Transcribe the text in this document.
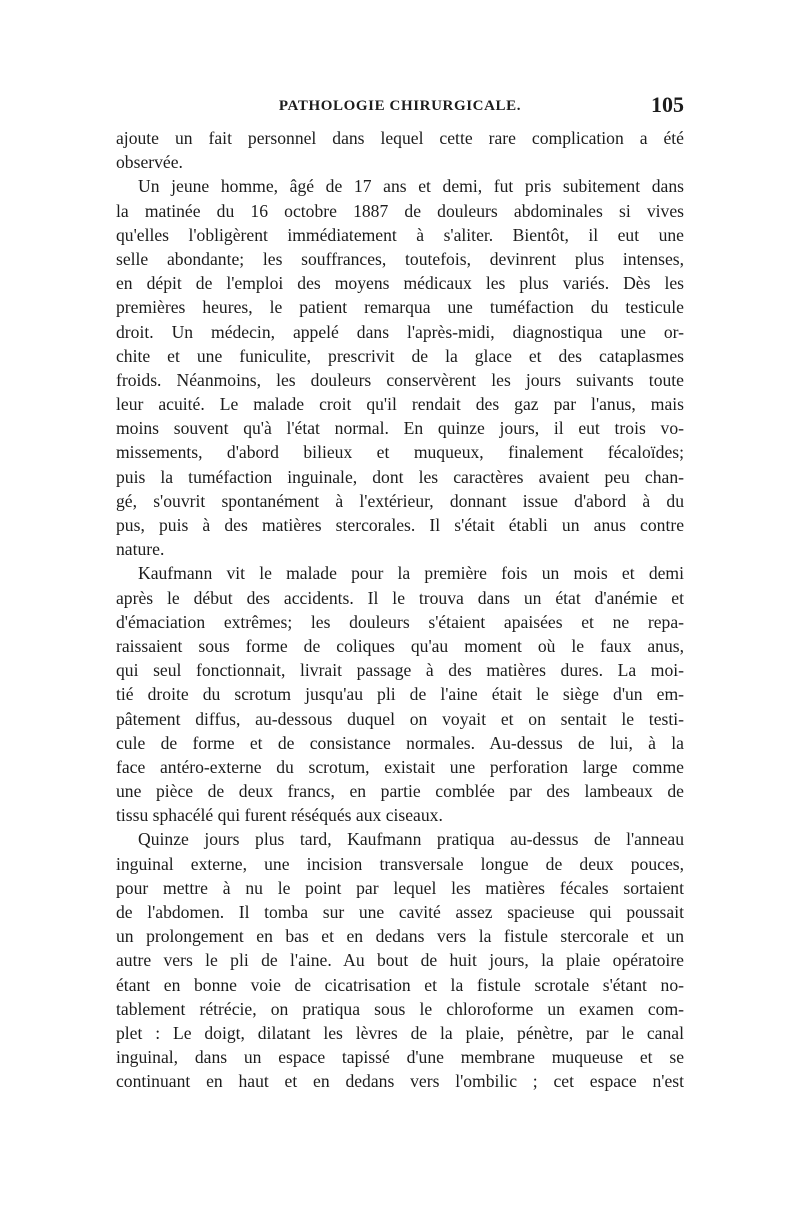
PATHOLOGIE CHIRURGICALE.	105
ajoute un fait personnel dans lequel cette rare complication a été
observée.
Un jeune homme, âgé de 17 ans et demi, fut pris subitement dans
la matinée du 16 octobre 1887 de douleurs abdominales si vives
qu'elles l'obligèrent immédiatement à s'aliter. Bientôt, il eut une
selle abondante; les souffrances, toutefois, devinrent plus intenses,
en dépit de l'emploi des moyens médicaux les plus variés. Dès les
premières heures, le patient remarqua une tuméfaction du testicule
droit. Un médecin, appelé dans l'après-midi, diagnostiqua une or-
chite et une funiculite, prescrivit de la glace et des cataplasmes
froids. Néanmoins, les douleurs conservèrent les jours suivants toute
leur acuité. Le malade croit qu'il rendait des gaz par l'anus, mais
moins souvent qu'à l'état normal. En quinze jours, il eut trois vo-
missements, d'abord bilieux et muqueux, finalement fécaloïdes;
puis la tuméfaction inguinale, dont les caractères avaient peu chan-
gé, s'ouvrit spontanément à l'extérieur, donnant issue d'abord à du
pus, puis à des matières stercorales. Il s'était établi un anus contre
nature.
Kaufmann vit le malade pour la première fois un mois et demi
après le début des accidents. Il le trouva dans un état d'anémie et
d'émaciation extrêmes; les douleurs s'étaient apaisées et ne repa-
raissaient sous forme de coliques qu'au moment où le faux anus,
qui seul fonctionnait, livrait passage à des matières dures. La moi-
tié droite du scrotum jusqu'au pli de l'aine était le siège d'un em-
pâtement diffus, au-dessous duquel on voyait et on sentait le testi-
cule de forme et de consistance normales. Au-dessus de lui, à la
face antéro-externe du scrotum, existait une perforation large comme
une pièce de deux francs, en partie comblée par des lambeaux de
tissu sphacélé qui furent réséqués aux ciseaux.
Quinze jours plus tard, Kaufmann pratiqua au-dessus de l'anneau
inguinal externe, une incision transversale longue de deux pouces,
pour mettre à nu le point par lequel les matières fécales sortaient
de l'abdomen. Il tomba sur une cavité assez spacieuse qui poussait
un prolongement en bas et en dedans vers la fistule stercorale et un
autre vers le pli de l'aine. Au bout de huit jours, la plaie opératoire
étant en bonne voie de cicatrisation et la fistule scrotale s'étant no-
tablement rétrécie, on pratiqua sous le chloroforme un examen com-
plet : Le doigt, dilatant les lèvres de la plaie, pénètre, par le canal
inguinal, dans un espace tapissé d'une membrane muqueuse et se
continuant en haut et en dedans vers l'ombilic ; cet espace n'est
